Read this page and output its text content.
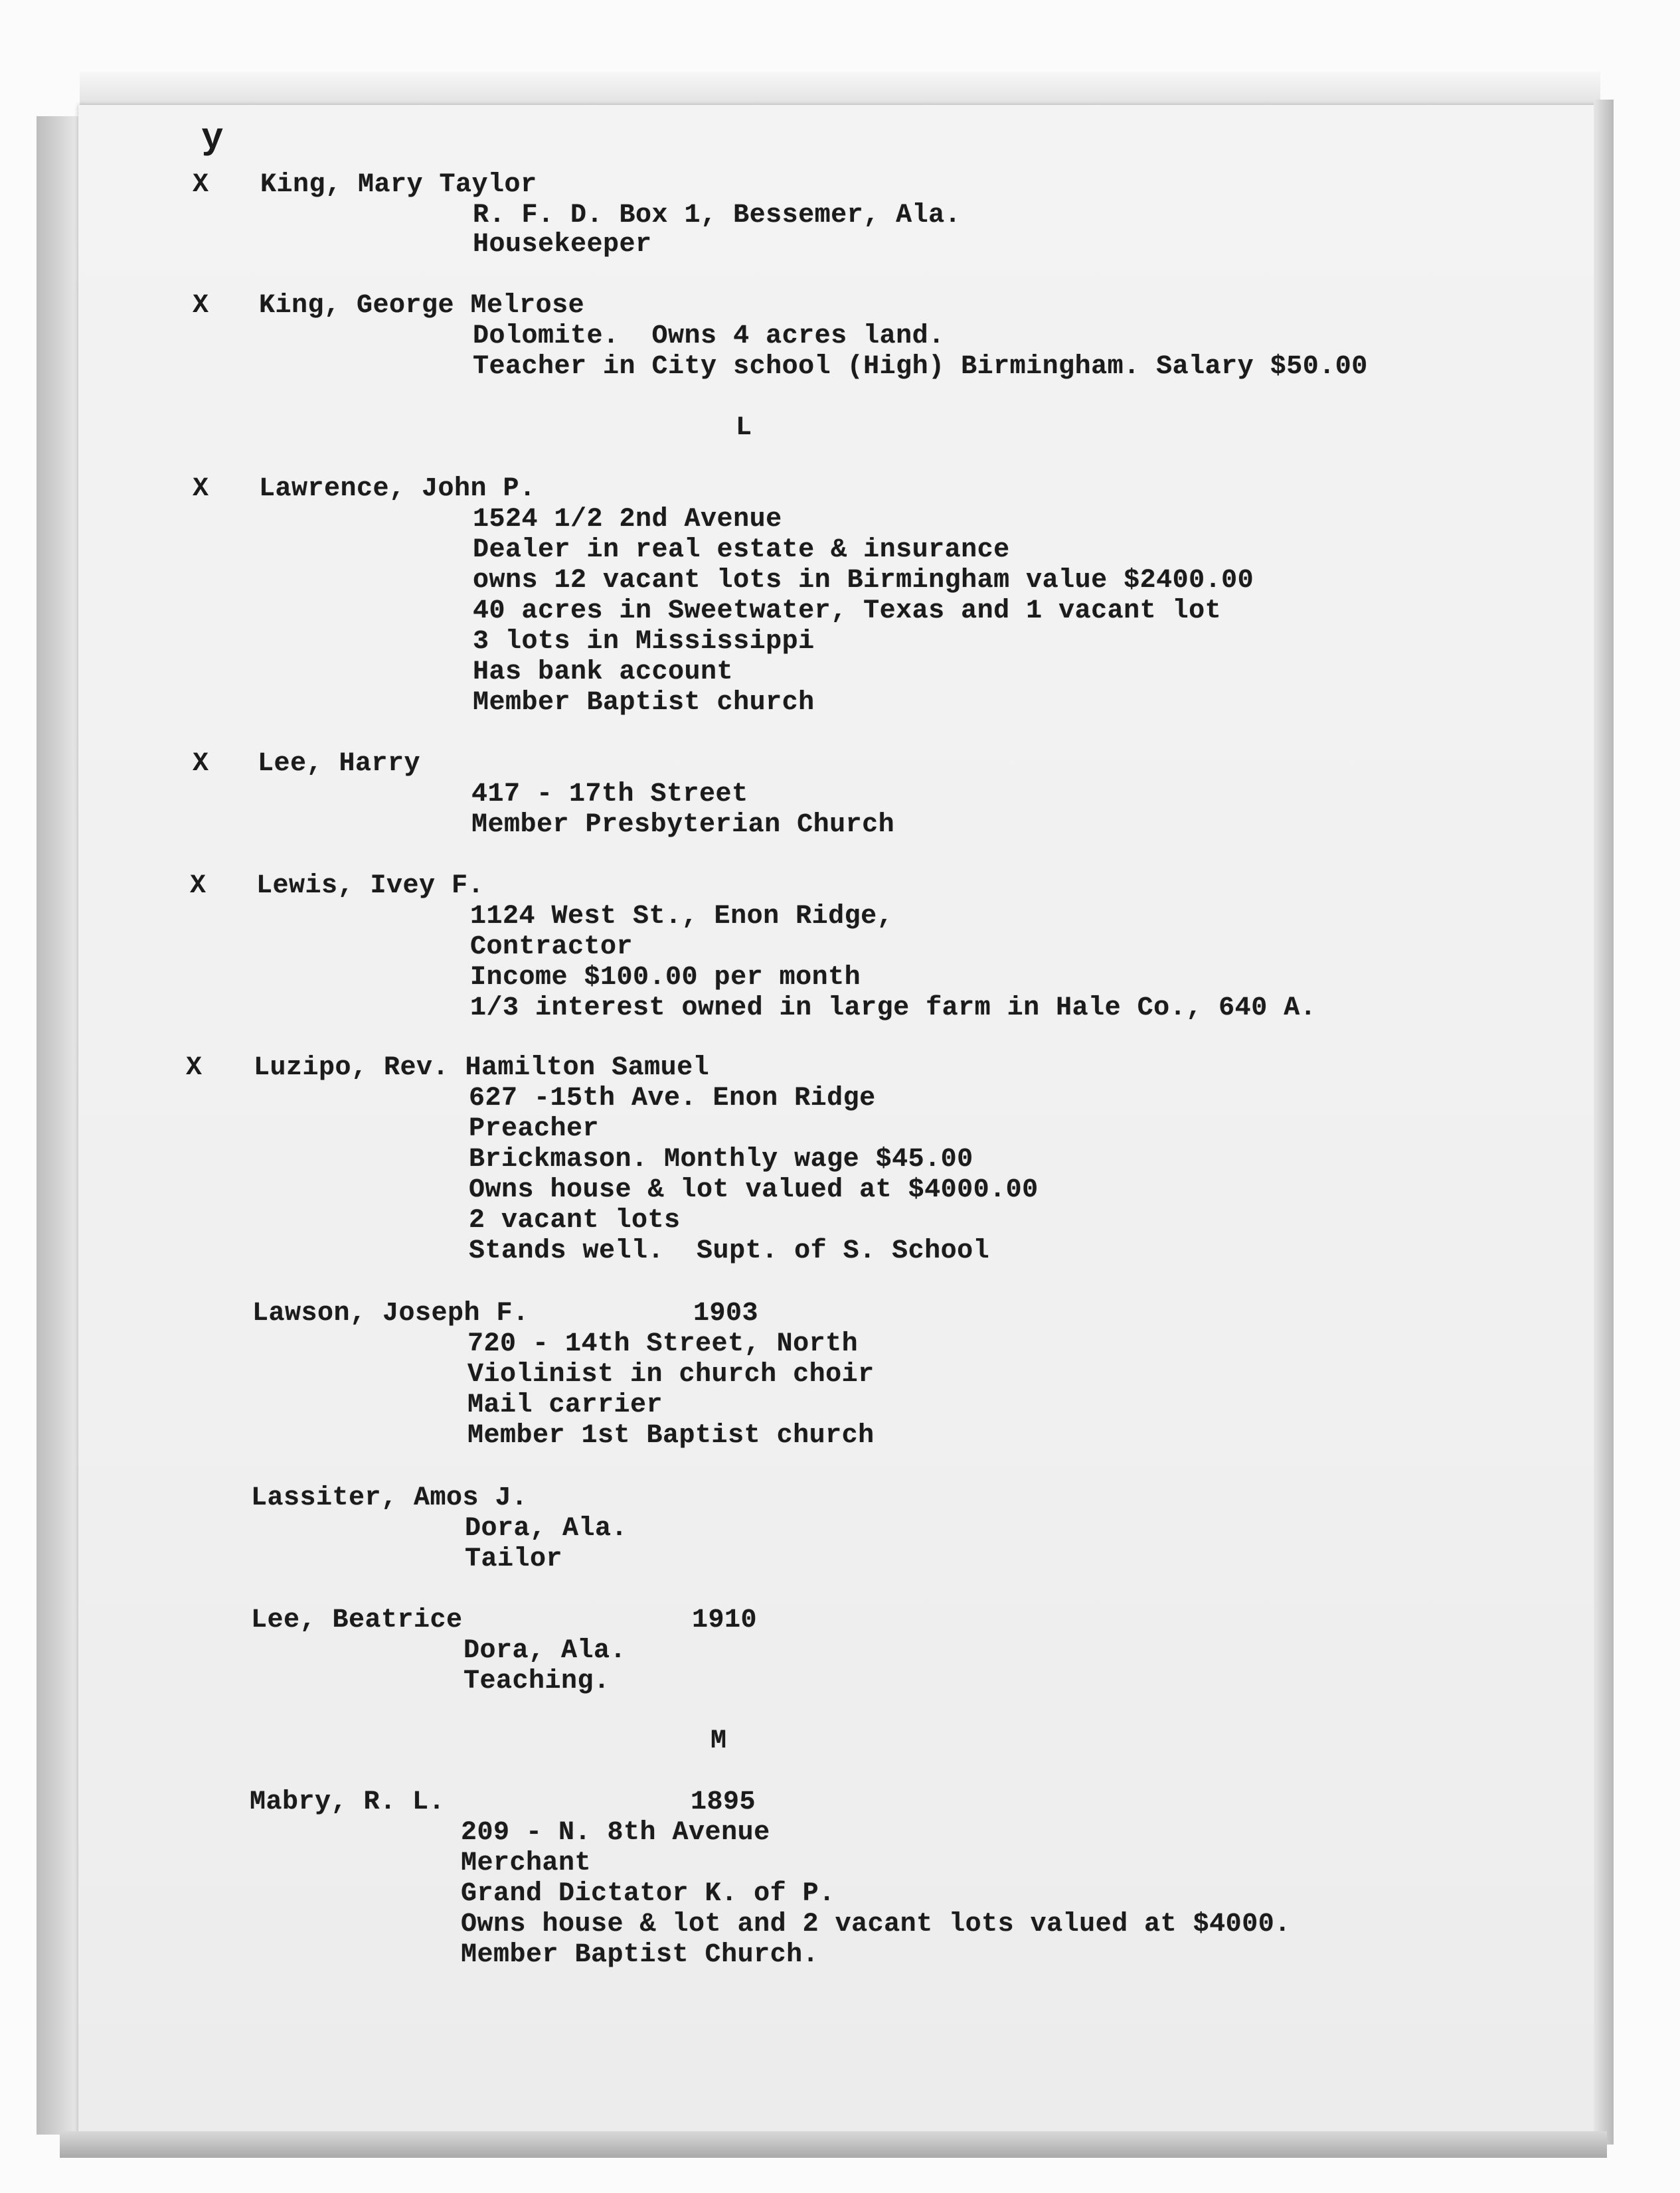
y
X King, Mary Taylor

R. F. D. Box 1, Bessemer, Ala.

Housekeeper

X King, George Melrose

Dolomite.  Owns 4 acres land.

Teacher in City school (High) Birmingham. Salary $50.00

L

X Lawrence, John P.

1524 1/2 2nd Avenue

Dealer in real estate & insurance

owns 12 vacant lots in Birmingham value $2400.00

40 acres in Sweetwater, Texas and 1 vacant lot

3 lots in Mississippi

Has bank account

Member Baptist church

X Lee, Harry

417 - 17th Street

Member Presbyterian Church

X Lewis, Ivey F.

1124 West St., Enon Ridge,

Contractor

Income $100.00 per month

1/3 interest owned in large farm in Hale Co., 640 A.

X Luzipo, Rev. Hamilton Samuel

627 -15th Ave. Enon Ridge

Preacher

Brickmason. Monthly wage $45.00

Owns house & lot valued at $4000.00

2 vacant lots

Stands well.  Supt. of S. School

Lawson, Joseph F.	1903

720 - 14th Street, North

Violinist in church choir

Mail carrier

Member 1st Baptist church

Lassiter, Amos J.

Dora, Ala.

Tailor

Lee, Beatrice	1910

Dora, Ala.

Teaching.

M

Mabry, R. L.	1895

209 - N. 8th Avenue

Merchant

Grand Dictator K. of P.

Owns house & lot and 2 vacant lots valued at $4000.

Member Baptist Church.
